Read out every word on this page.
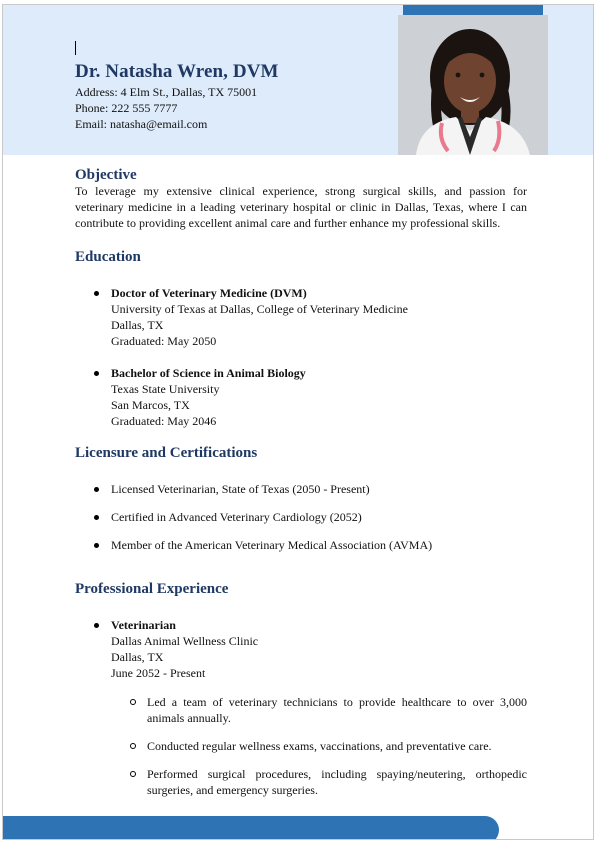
Dr. Natasha Wren, DVM
Address: 4 Elm St., Dallas, TX 75001
Phone: 222 555 7777
Email: natasha@email.com
Objective

To leverage my extensive clinical experience, strong surgical skills, and passion for veterinary medicine in a leading veterinary hospital or clinic in Dallas, Texas, where I can contribute to providing excellent animal care and further enhance my professional skills.

Education
Doctor of Veterinary Medicine (DVM)
University of Texas at Dallas, College of Veterinary Medicine
Dallas, TX
Graduated: May 2050
Bachelor of Science in Animal Biology
Texas State University
San Marcos, TX
Graduated: May 2046
Licensure and Certifications
Licensed Veterinarian, State of Texas (2050 - Present)
Certified in Advanced Veterinary Cardiology (2052)
Member of the American Veterinary Medical Association (AVMA)
Professional Experience
Veterinarian
Dallas Animal Wellness Clinic
Dallas, TX
June 2052 - Present
Led a team of veterinary technicians to provide healthcare to over 3,000 animals annually.
Conducted regular wellness exams, vaccinations, and preventative care.
Performed surgical procedures, including spaying/neutering, orthopedic surgeries, and emergency surgeries.
